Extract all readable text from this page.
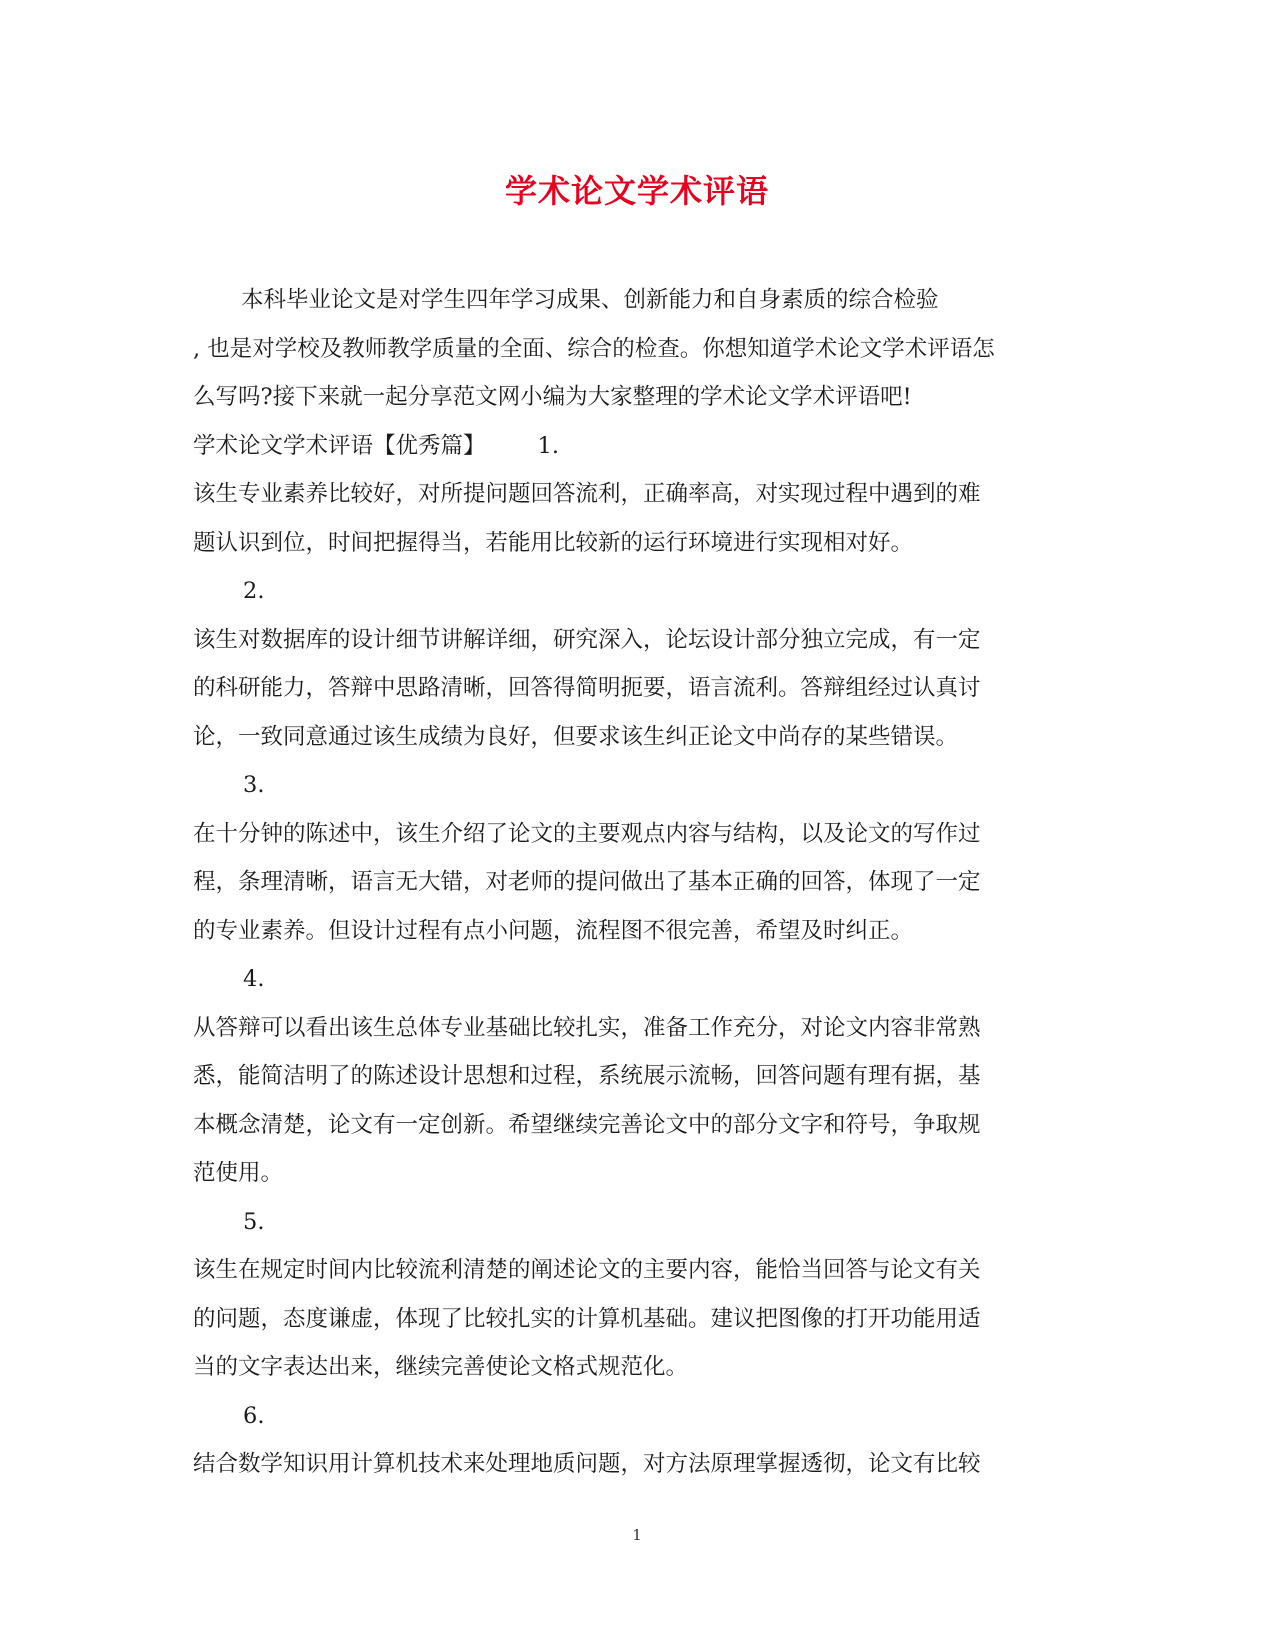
学术论文学术评语
本科毕业论文是对学生四年学习成果、创新能力和自身素质的综合检验
, 也是对学校及教师教学质量的全面、综合的检查。你想知道学术论文学术评语怎
么写吗?接下来就一起分享范文网小编为大家整理的学术论文学术评语吧!
学术论文学术评语【优秀篇】 1.
该生专业素养比较好，对所提问题回答流利，正确率高，对实现过程中遇到的难
题认识到位，时间把握得当，若能用比较新的运行环境进行实现相对好。
2.
该生对数据库的设计细节讲解详细，研究深入，论坛设计部分独立完成，有一定
的科研能力，答辩中思路清晰，回答得简明扼要，语言流利。答辩组经过认真讨
论，一致同意通过该生成绩为良好，但要求该生纠正论文中尚存的某些错误。
3.
在十分钟的陈述中，该生介绍了论文的主要观点内容与结构，以及论文的写作过
程，条理清晰，语言无大错，对老师的提问做出了基本正确的回答，体现了一定
的专业素养。但设计过程有点小问题，流程图不很完善，希望及时纠正。
4.
从答辩可以看出该生总体专业基础比较扎实，准备工作充分，对论文内容非常熟
悉，能简洁明了的陈述设计思想和过程，系统展示流畅，回答问题有理有据，基
本概念清楚，论文有一定创新。希望继续完善论文中的部分文字和符号，争取规
范使用。
5.
该生在规定时间内比较流利清楚的阐述论文的主要内容，能恰当回答与论文有关
的问题，态度谦虚，体现了比较扎实的计算机基础。建议把图像的打开功能用适
当的文字表达出来，继续完善使论文格式规范化。
6.
结合数学知识用计算机技术来处理地质问题，对方法原理掌握透彻，论文有比较
1
